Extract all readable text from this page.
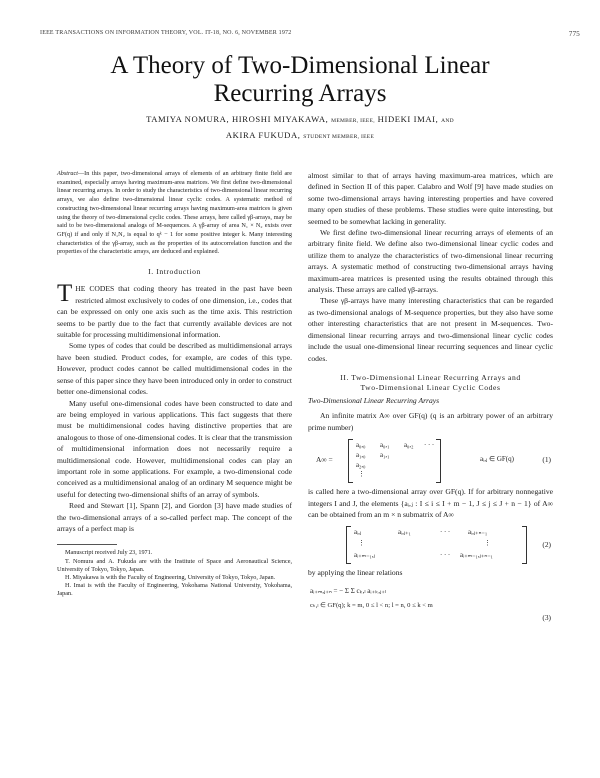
IEEE TRANSACTIONS ON INFORMATION THEORY, VOL. IT-18, NO. 6, NOVEMBER 1972	775
A Theory of Two-Dimensional Linear
Recurring Arrays
TAMIYA NOMURA, HIROSHI MIYAKAWA, MEMBER, IEEE, HIDEKI IMAI, AND
AKIRA FUKUDA, STUDENT MEMBER, IEEE

Abstract—In this paper, two-dimensional arrays of elements of an arbitrary finite field are examined, especially arrays having maximum-area matrices. We first define two-dimensional linear recurring arrays. In order to study the characteristics of two-dimensional linear recurring arrays, we also define two-dimensional linear cyclic codes. A systematic method of constructing two-dimensional linear recurring arrays having maximum-area matrices is given using the theory of two-dimensional cyclic codes. These arrays, here called γβ-arrays, may be said to be two-dimensional analogs of M-sequences. A γβ-array of area N₁ × N₂ exists over GF(q) if and only if N₁N₂ is equal to qᵏ − 1 for some positive integer k. Many interesting characteristics of the γβ-array, such as the properties of its autocorrelation function and the properties of the characteristic arrays, are deduced and explained.

I. Introduction

THE CODES that coding theory has treated in the past have been restricted almost exclusively to codes of one dimension, i.e., codes that can be expressed on only one axis such as the time axis. This restriction seems to be partly due to the fact that currently available devices are not suitable for processing multidimensional information.

Some types of codes that could be described as multidimensional arrays have been studied. Product codes, for example, are codes of this type. However, product codes cannot be called multidimensional codes in the sense of this paper since they have been introduced only in order to construct better one-dimensional codes.

Many useful one-dimensional codes have been constructed to date and are being employed in various applications. This fact suggests that there must be multidimensional codes having distinctive properties that are analogous to those of one-dimensional codes. It is clear that the transmission of multidimensional information does not necessarily require a multidimensional code. However, multidimensional codes can play an important role in some applications. For example, a two-dimensional code conceived as a multidimensional analog of an ordinary M sequence might be useful for detecting two-dimensional shifts of an array of symbols.

Reed and Stewart [1], Spann [2], and Gordon [3] have made studies of the two-dimensional arrays of a so-called perfect map. The concept of the arrays of a perfect map is

Manuscript received July 23, 1971.
T. Nomura and A. Fukuda are with the Institute of Space and Aeronautical Science, University of Tokyo, Tokyo, Japan.
H. Miyakawa is with the Faculty of Engineering, University of Tokyo, Tokyo, Japan.
H. Imai is with the Faculty of Engineering, Yokohama National University, Yokohama, Japan.

almost similar to that of arrays having maximum-area matrices, which are defined in Section II of this paper. Calabro and Wolf [9] have made studies on some two-dimensional arrays having interesting properties and have covered many open studies of these problems. These studies were quite interesting, but seemed to be somewhat lacking in generality.

We first define two-dimensional linear recurring arrays of elements of an arbitrary finite field. We define also two-dimensional linear cyclic codes and utilize them to analyze the characteristics of two-dimensional linear recurring arrays. A systematic method of constructing two-dimensional arrays having maximum-area matrices is presented using the results obtained through this analysis. These arrays are called γβ-arrays.

These γβ-arrays have many interesting characteristics that can be regarded as two-dimensional analogs of M-sequence properties, but they also have some other interesting characteristics that are not present in M-sequences. Two-dimensional linear recurring arrays and two-dimensional linear cyclic codes include the usual one-dimensional linear recurring sequences and linear cyclic codes.

II. Two-Dimensional Linear Recurring Arrays and
Two-Dimensional Linear Cyclic Codes
Two-Dimensional Linear Recurring Arrays

An infinite matrix A∞ over GF(q) (q is an arbitrary power of an arbitrary prime number)

A∞ =
a₀,₀ a₀,₁ a₀,₂ · · ·
a₁,₀ a₁,₁
a₂,₀
⋮
aᵢ,ⱼ ∈ GF(q)	(1)

is called here a two-dimensional array over GF(q). If for arbitrary nonnegative integers I and J, the elements {aᵢ,ⱼ : I ≤ i ≤ I + m − 1, J ≤ j ≤ J + n − 1} of A∞ can be obtained from an m × n submatrix of A∞

aᵢ,ⱼ	aᵢ,ⱼ₊₁	· · ·	aᵢ,ⱼ₊ₙ₋₁
⋮	⋮
aᵢ₊ₘ₋₁,ⱼ	· · · aᵢ₊ₘ₋₁,ⱼ₊ₙ₋₁
(2)

by applying the linear relations

aᵢ₊ₘ,ⱼ₊ₙ = − Σ Σ cₖ,ₗ aᵢ₊ₖ,ⱼ₊ₗ
cₖ,ₗ ∈ GF(q); k = m, 0 ≤ l < n; l = n, 0 ≤ k < m
(3)
